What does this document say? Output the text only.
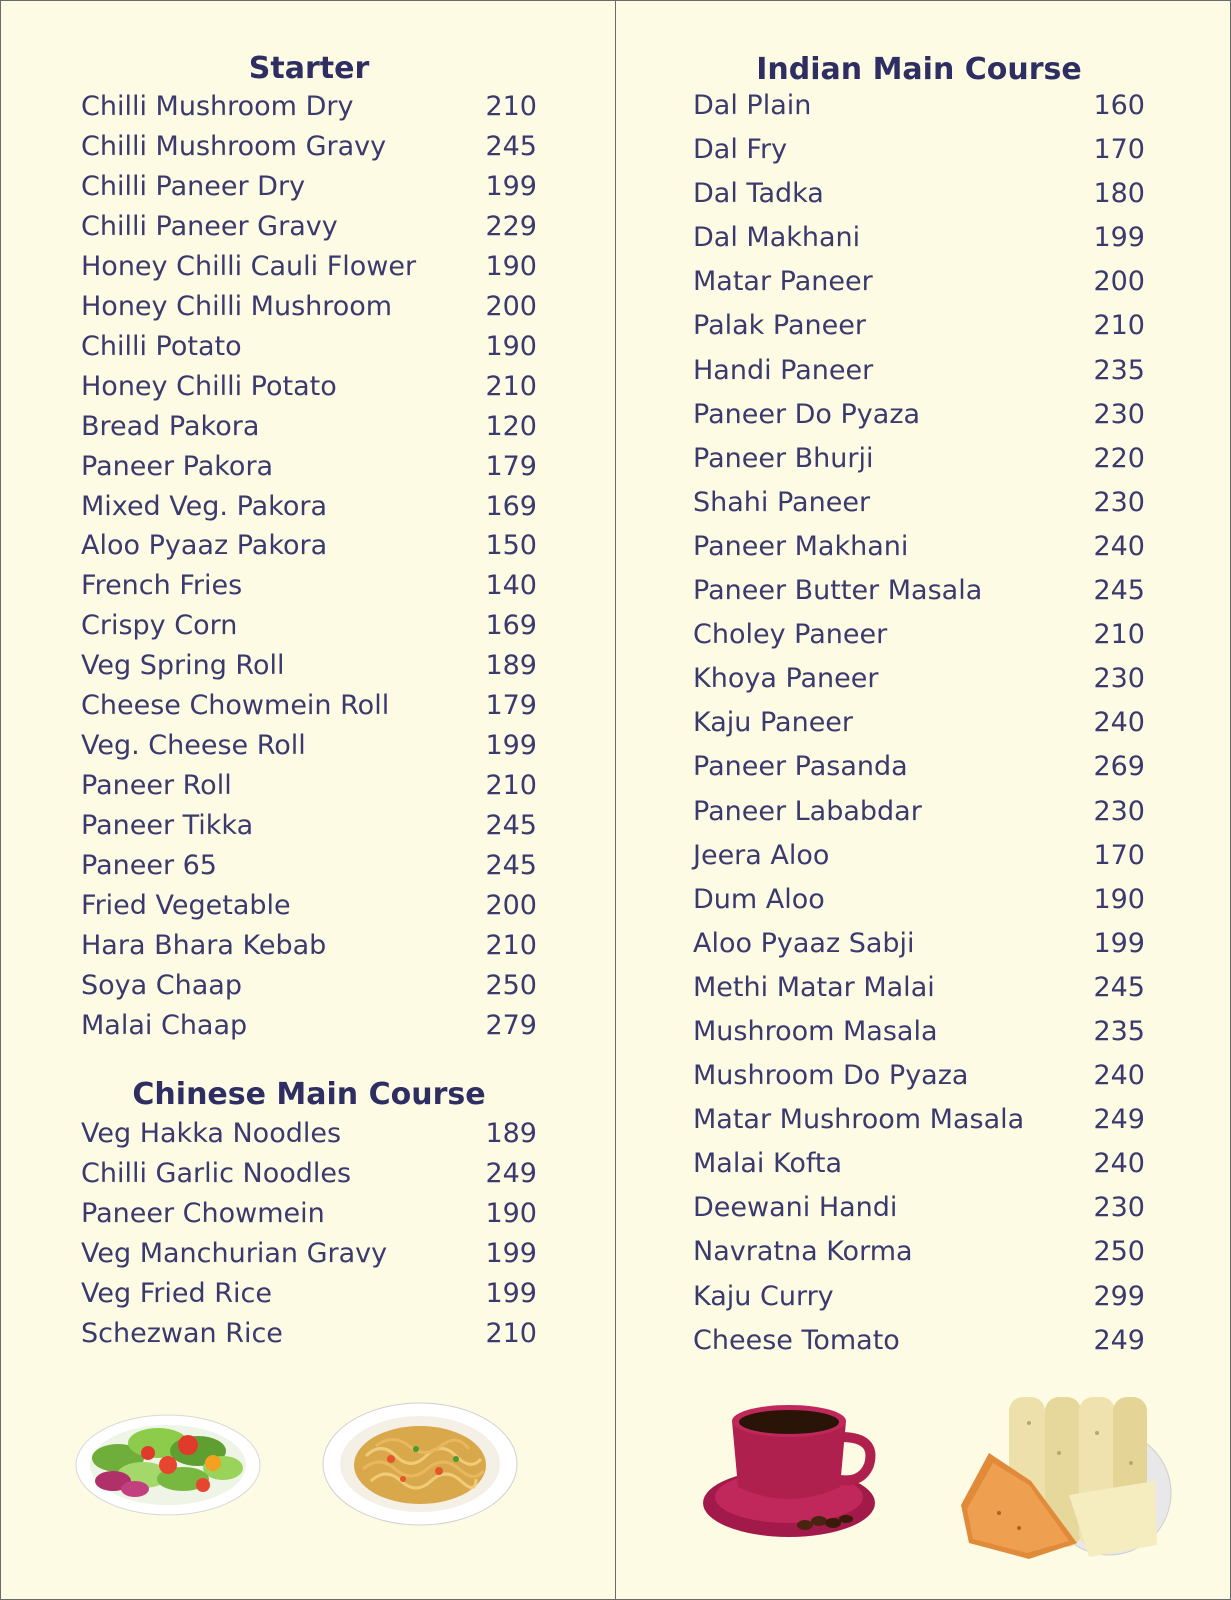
Starter
Chilli Mushroom Dry	210
Chilli Mushroom Gravy	245
Chilli Paneer Dry	199
Chilli Paneer Gravy	229
Honey Chilli Cauli Flower	190
Honey Chilli Mushroom	200
Chilli Potato	190
Honey Chilli Potato	210
Bread Pakora	120
Paneer Pakora	179
Mixed Veg. Pakora	169
Aloo Pyaaz Pakora	150
French Fries	140
Crispy Corn	169
Veg Spring Roll	189
Cheese Chowmein Roll	179
Veg. Cheese Roll	199
Paneer Roll	210
Paneer Tikka	245
Paneer 65	245
Fried Vegetable	200
Hara Bhara Kebab	210
Soya Chaap	250
Malai Chaap	279
Chinese Main Course
Veg Hakka Noodles	189
Chilli Garlic Noodles	249
Paneer Chowmein	190
Veg Manchurian Gravy	199
Veg Fried Rice	199
Schezwan Rice	210
Indian Main Course
Dal Plain	160
Dal Fry	170
Dal Tadka	180
Dal Makhani	199
Matar Paneer	200
Palak Paneer	210
Handi Paneer	235
Paneer Do Pyaza	230
Paneer Bhurji	220
Shahi Paneer	230
Paneer Makhani	240
Paneer Butter Masala	245
Choley Paneer	210
Khoya Paneer	230
Kaju Paneer	240
Paneer Pasanda	269
Paneer Lababdar	230
Jeera Aloo	170
Dum Aloo	190
Aloo Pyaaz Sabji	199
Methi Matar Malai	245
Mushroom Masala	235
Mushroom Do Pyaza	240
Matar Mushroom Masala	249
Malai Kofta	240
Deewani Handi	230
Navratna Korma	250
Kaju Curry	299
Cheese Tomato	249
